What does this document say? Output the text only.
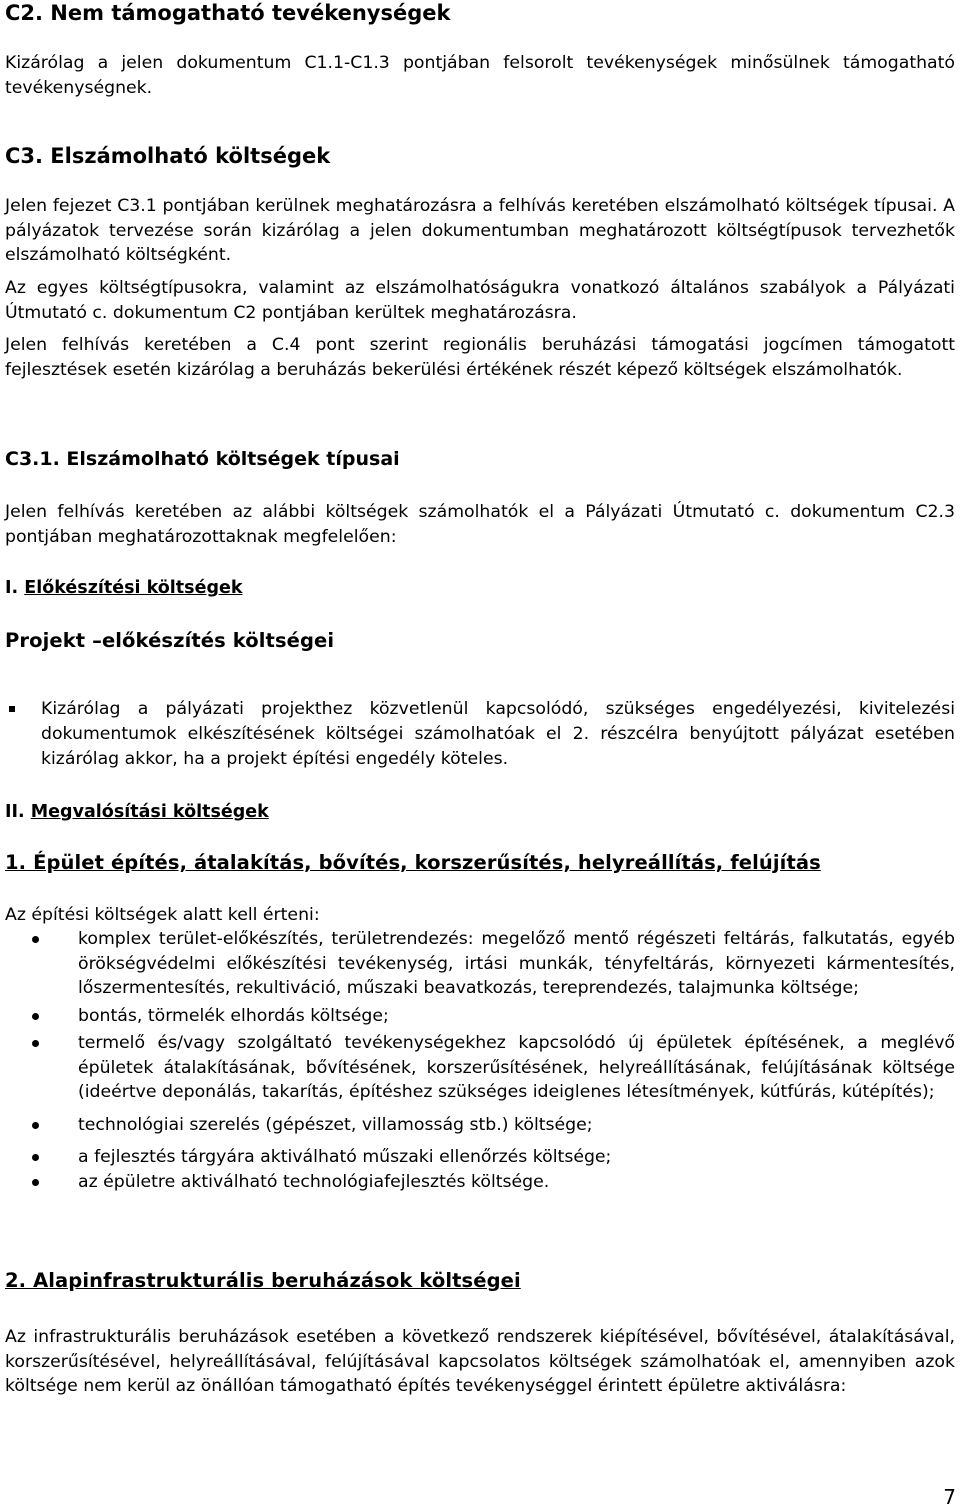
C2. Nem támogatható tevékenységek

Kizárólag a jelen dokumentum C1.1-C1.3 pontjában felsorolt tevékenységek minősülnek támogatható tevékenységnek.

C3. Elszámolható költségek

Jelen fejezet C3.1 pontjában kerülnek meghatározásra a felhívás keretében elszámolható költségek típusai. A pályázatok tervezése során kizárólag a jelen dokumentumban meghatározott költségtípusok tervezhetők elszámolható költségként.

Az egyes költségtípusokra, valamint az elszámolhatóságukra vonatkozó általános szabályok a Pályázati Útmutató c. dokumentum C2 pontjában kerültek meghatározásra.

Jelen felhívás keretében a C.4 pont szerint regionális beruházási támogatási jogcímen támogatott fejlesztések esetén kizárólag a beruházás bekerülési értékének részét képező költségek elszámolhatók.

C3.1. Elszámolható költségek típusai

Jelen felhívás keretében az alábbi költségek számolhatók el a Pályázati Útmutató c. dokumentum C2.3 pontjában meghatározottaknak megfelelően:

I. Előkészítési költségek
Projekt –előkészítés költségei
Kizárólag a pályázati projekthez közvetlenül kapcsolódó, szükséges engedélyezési, kivitelezési dokumentumok elkészítésének költségei számolhatóak el 2. részcélra benyújtott pályázat esetében kizárólag akkor, ha a projekt építési engedély köteles.
II. Megvalósítási költségek
1. Épület építés, átalakítás, bővítés, korszerűsítés, helyreállítás, felújítás

Az építési költségek alatt kell érteni:

komplex terület-előkészítés, területrendezés: megelőző mentő régészeti feltárás, falkutatás, egyéb örökségvédelmi előkészítési tevékenység, irtási munkák, tényfeltárás, környezeti kármentesítés, lőszermentesítés, rekultiváció, műszaki beavatkozás, tereprendezés, talajmunka költsége;
bontás, törmelék elhordás költsége;
termelő és/vagy szolgáltató tevékenységekhez kapcsolódó új épületek építésének, a meglévő épületek átalakításának, bővítésének, korszerűsítésének, helyreállításának, felújításának költsége (ideértve deponálás, takarítás, építéshez szükséges ideiglenes létesítmények, kútfúrás, kútépítés);
technológiai szerelés (gépészet, villamosság stb.) költsége;
a fejlesztés tárgyára aktiválható műszaki ellenőrzés költsége;
az épületre aktiválható technológiafejlesztés költsége.
2. Alapinfrastrukturális beruházások költségei

Az infrastrukturális beruházások esetében a következő rendszerek kiépítésével, bővítésével, átalakításával, korszerűsítésével, helyreállításával, felújításával kapcsolatos költségek számolhatóak el, amennyiben azok költsége nem kerül az önállóan támogatható építés tevékenységgel érintett épületre aktiválásra:

7
